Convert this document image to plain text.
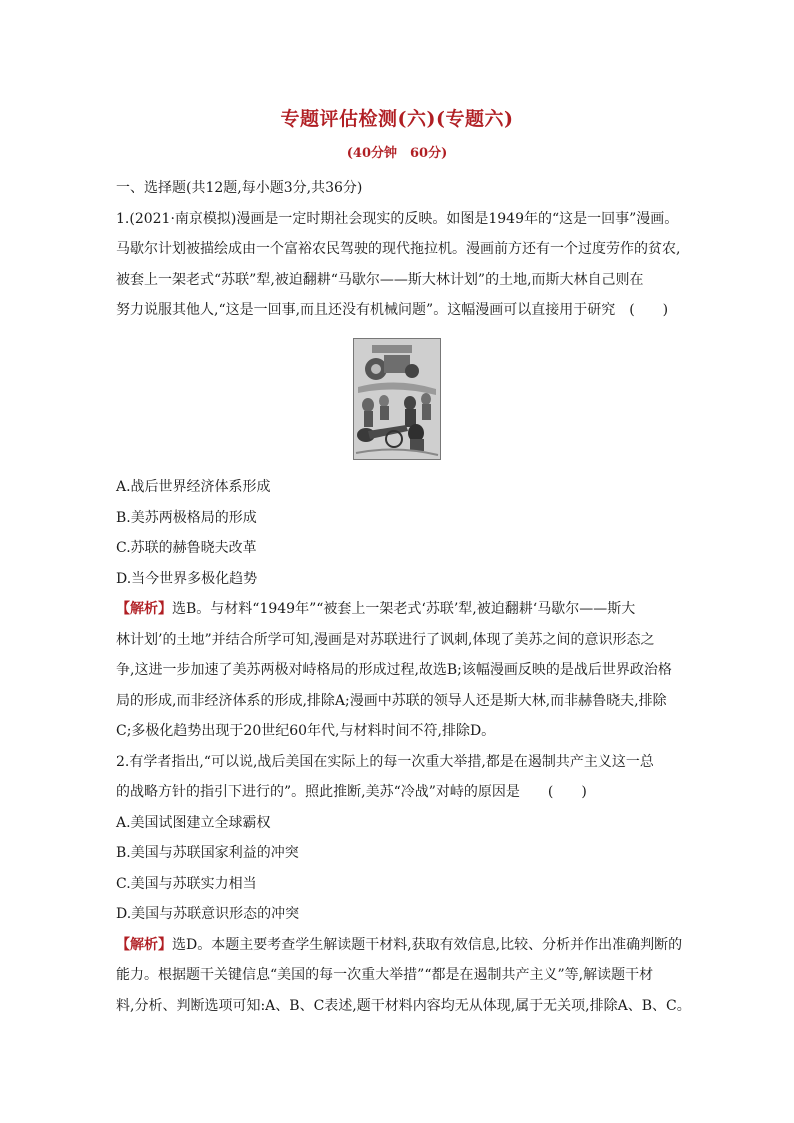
专题评估检测(六)(专题六)
(40分钟　60分)
一、选择题(共12题,每小题3分,共36分)
1.(2021·南京模拟)漫画是一定时期社会现实的反映。如图是1949年的“这是一回事”漫画。
马歇尔计划被描绘成由一个富裕农民驾驶的现代拖拉机。漫画前方还有一个过度劳作的贫农,
被套上一架老式“苏联”犁,被迫翻耕“马歇尔——斯大林计划”的土地,而斯大林自己则在
努力说服其他人,“这是一回事,而且还没有机械问题”。这幅漫画可以直接用于研究　(　　)
A.战后世界经济体系形成
B.美苏两极格局的形成
C.苏联的赫鲁晓夫改革
D.当今世界多极化趋势
【解析】选B。与材料“1949年”“被套上一架老式‘苏联’犁,被迫翻耕‘马歇尔——斯大
林计划’的土地”并结合所学可知,漫画是对苏联进行了讽刺,体现了美苏之间的意识形态之
争,这进一步加速了美苏两极对峙格局的形成过程,故选B;该幅漫画反映的是战后世界政治格
局的形成,而非经济体系的形成,排除A;漫画中苏联的领导人还是斯大林,而非赫鲁晓夫,排除
C;多极化趋势出现于20世纪60年代,与材料时间不符,排除D。
2.有学者指出,“可以说,战后美国在实际上的每一次重大举措,都是在遏制共产主义这一总
的战略方针的指引下进行的”。照此推断,美苏“冷战”对峙的原因是　　(　　)
A.美国试图建立全球霸权
B.美国与苏联国家利益的冲突
C.美国与苏联实力相当
D.美国与苏联意识形态的冲突
【解析】选D。本题主要考查学生解读题干材料,获取有效信息,比较、分析并作出准确判断的
能力。根据题干关键信息“美国的每一次重大举措”“都是在遏制共产主义”等,解读题干材
料,分析、判断选项可知:A、B、C表述,题干材料内容均无从体现,属于无关项,排除A、B、C。
